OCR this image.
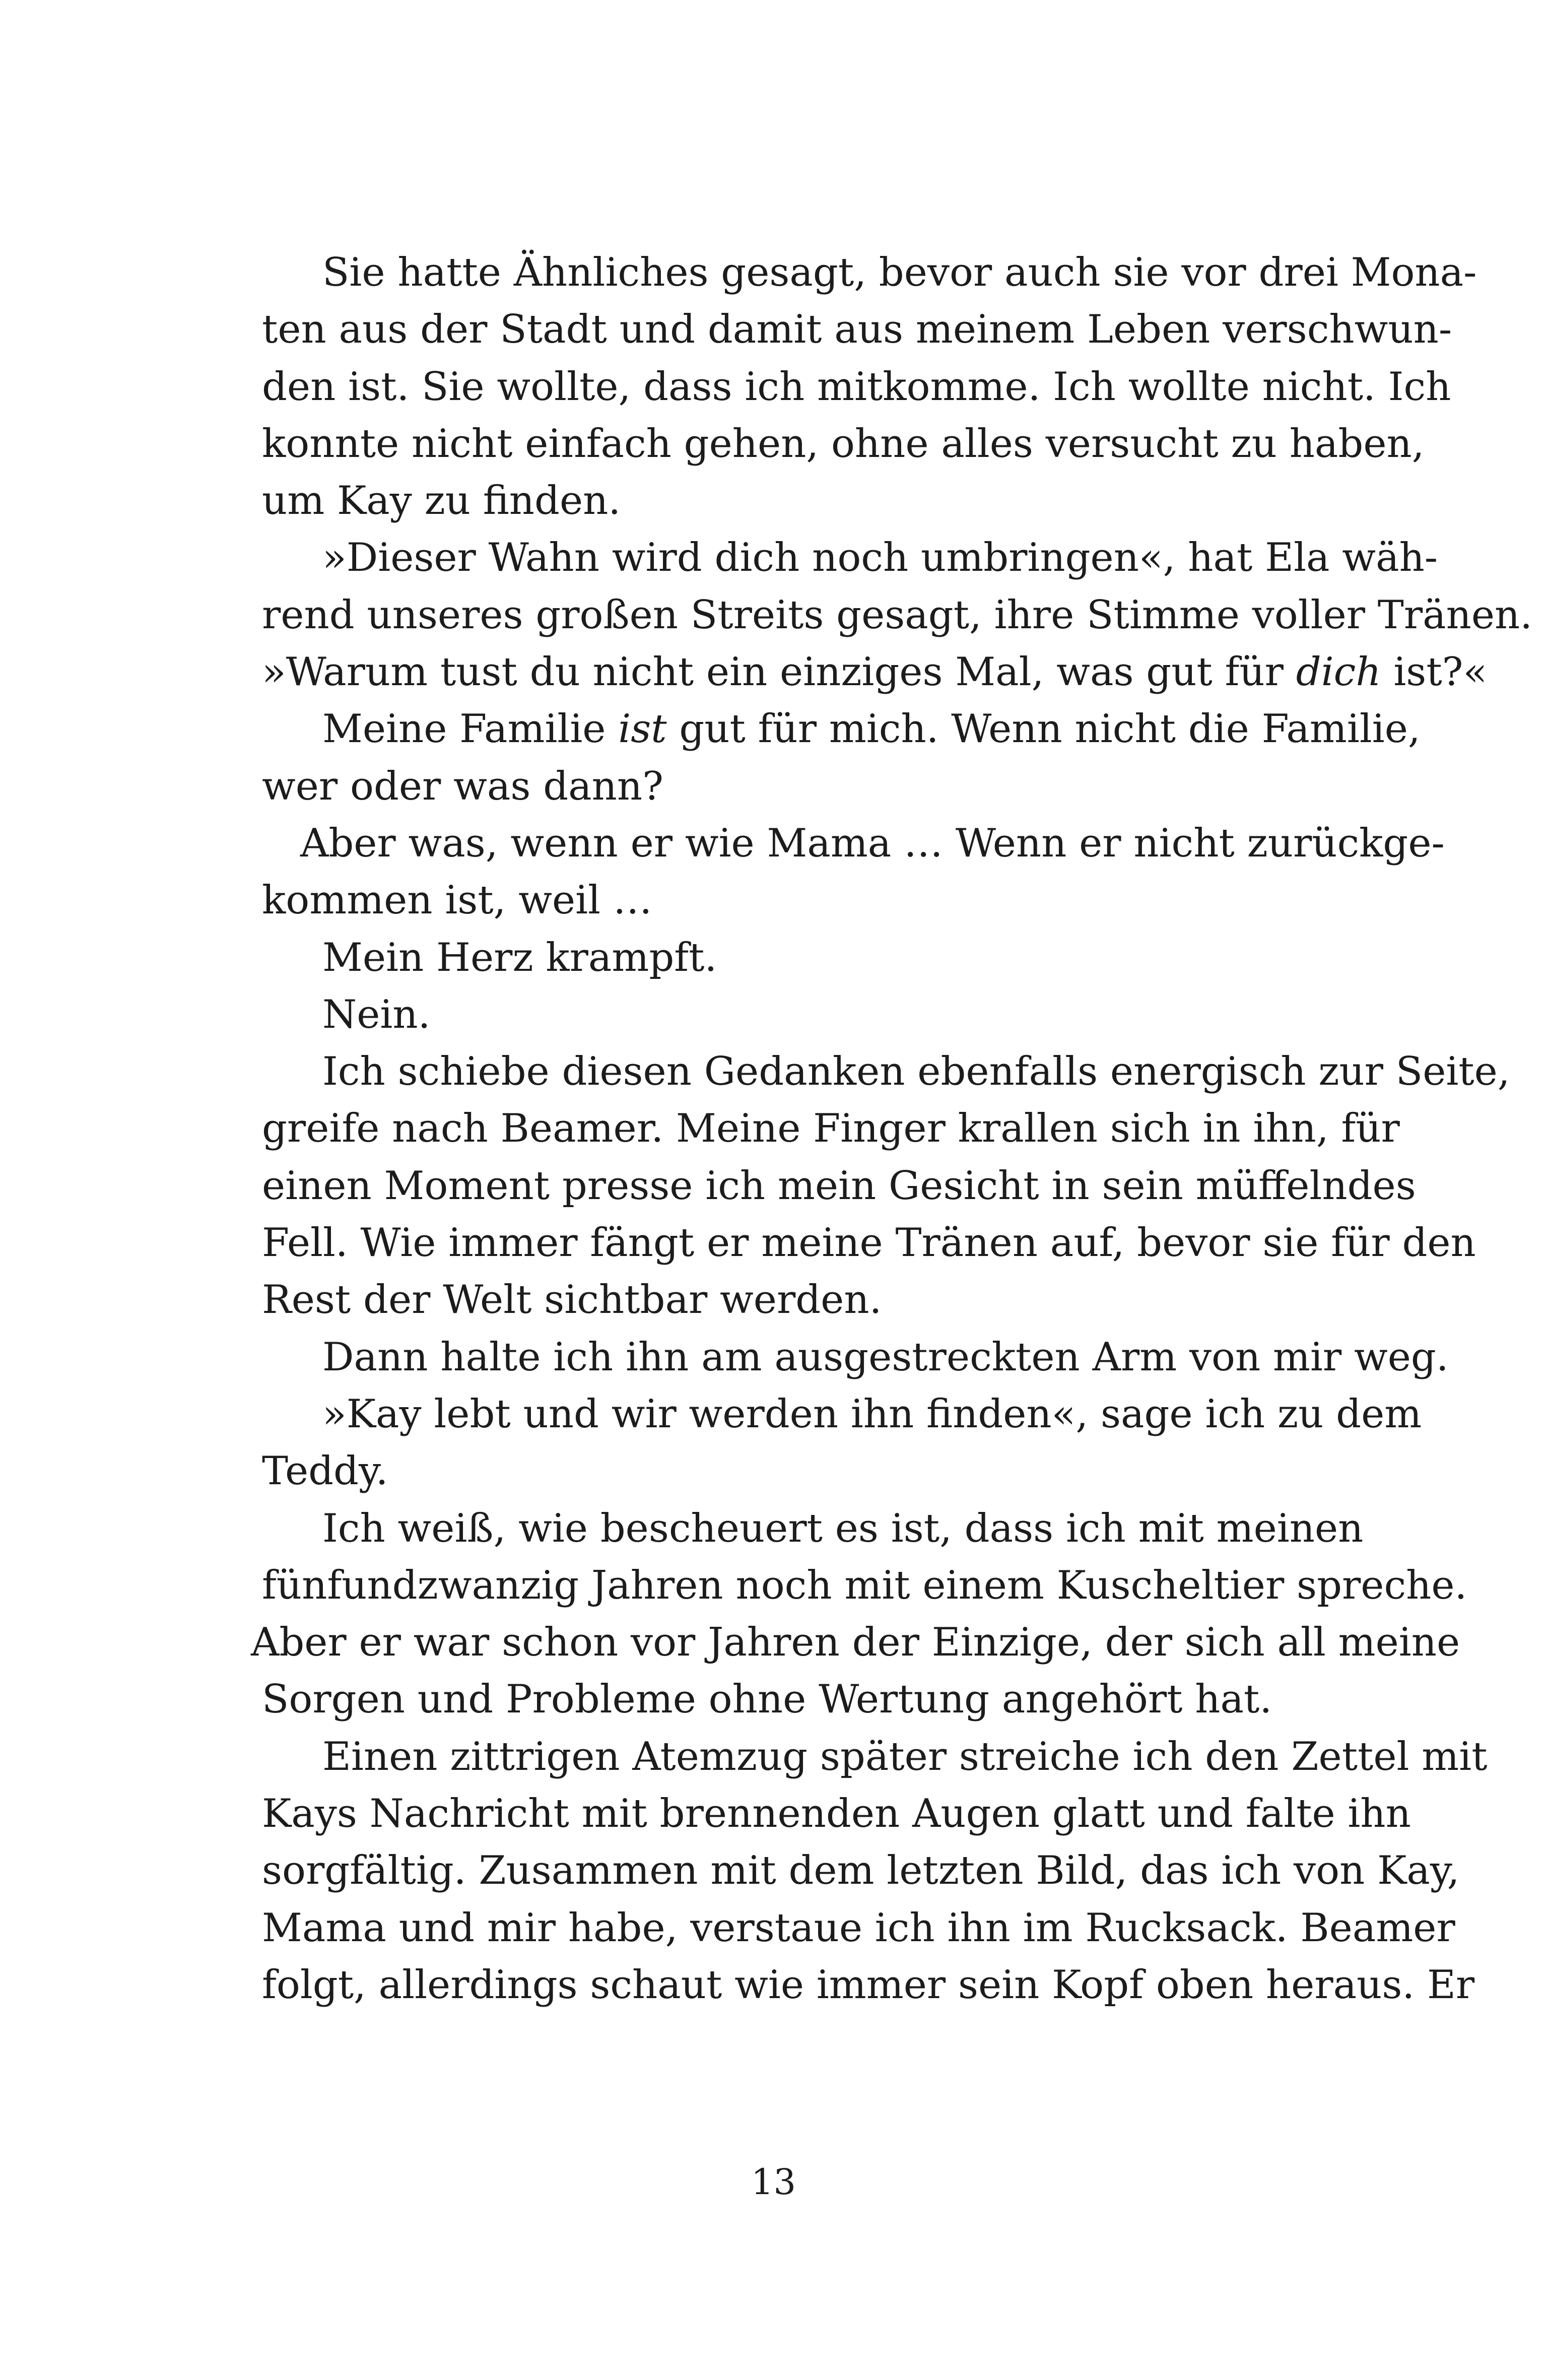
Sie hatte Ähnliches gesagt, bevor auch sie vor drei Mona-
ten aus der Stadt und damit aus meinem Leben verschwun-
den ist. Sie wollte, dass ich mitkomme. Ich wollte nicht. Ich
konnte nicht einfach gehen, ohne alles versucht zu haben,
um Kay zu finden.
»Dieser Wahn wird dich noch umbringen«, hat Ela wäh-
rend unseres großen Streits gesagt, ihre Stimme voller Tränen.
»Warum tust du nicht ein einziges Mal, was gut für dich ist?«
Meine Familie ist gut für mich. Wenn nicht die Familie,
wer oder was dann?
Aber was, wenn er wie Mama … Wenn er nicht zurückge-
kommen ist, weil …
Mein Herz krampft.
Nein.
Ich schiebe diesen Gedanken ebenfalls energisch zur Seite,
greife nach Beamer. Meine Finger krallen sich in ihn, für
einen Moment presse ich mein Gesicht in sein müffelndes
Fell. Wie immer fängt er meine Tränen auf, bevor sie für den
Rest der Welt sichtbar werden.
Dann halte ich ihn am ausgestreckten Arm von mir weg.
»Kay lebt und wir werden ihn finden«, sage ich zu dem
Teddy.
Ich weiß, wie bescheuert es ist, dass ich mit meinen
fünfundzwanzig Jahren noch mit einem Kuscheltier spreche.
Aber er war schon vor Jahren der Einzige, der sich all meine
Sorgen und Probleme ohne Wertung angehört hat.
Einen zittrigen Atemzug später streiche ich den Zettel mit
Kays Nachricht mit brennenden Augen glatt und falte ihn
sorgfältig. Zusammen mit dem letzten Bild, das ich von Kay,
Mama und mir habe, verstaue ich ihn im Rucksack. Beamer
folgt, allerdings schaut wie immer sein Kopf oben heraus. Er
13
